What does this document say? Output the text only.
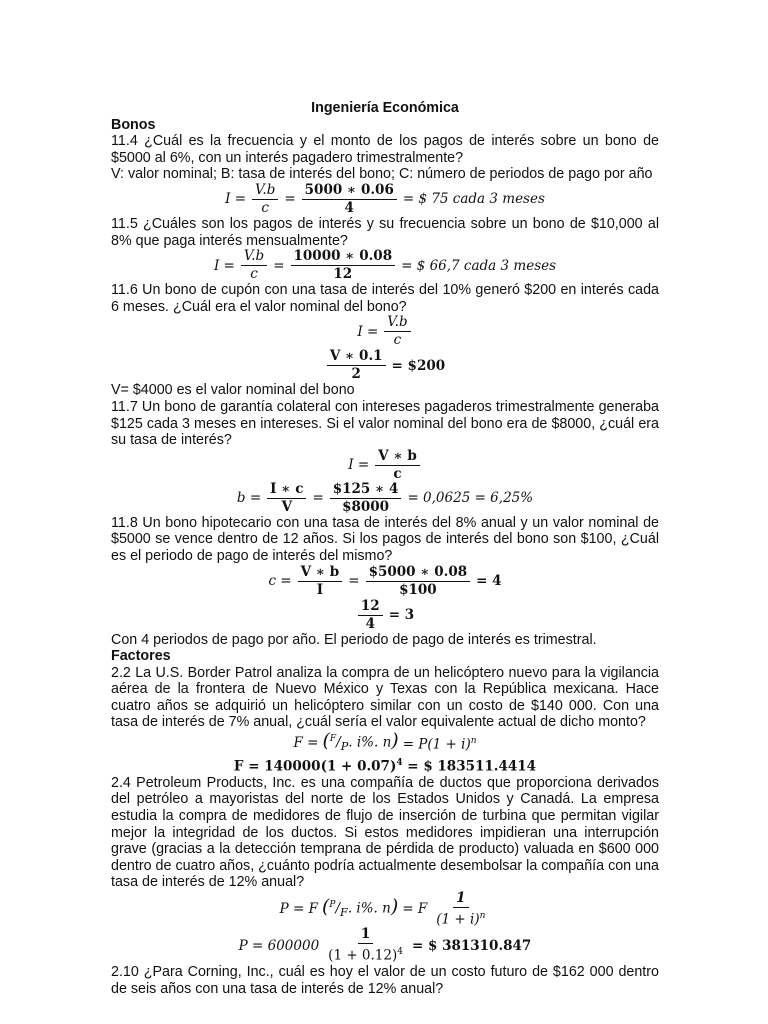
Ingeniería Económica

Bonos

11.4 ¿Cuál es la frecuencia y el monto de los pagos de interés sobre un bono de $5000 al 6%, con un interés pagadero trimestralmente?

V: valor nominal; B: tasa de interés del bono; C: número de periodos de pago por año

$I = \frac{V.b}{c} = \frac{5000 ∗ 0.06}{4}$ = $ 75 cada 3 meses

11.5 ¿Cuáles son los pagos de interés y su frecuencia sobre un bono de $10,000 al 8% que paga interés mensualmente?

$I = \frac{V.b}{c} = \frac{10000 ∗ 0.08}{12}$ = $ 66,7 cada 3 meses

11.6 Un bono de cupón con una tasa de interés del 10% generó $200 en interés cada 6 meses. ¿Cuál era el valor nominal del bono?

$I = \frac{V.b}{c}$
$\frac{V ∗ 0.1}{2}$ = $200

V= $4000 es el valor nominal del bono

11.7 Un bono de garantía colateral con intereses pagaderos trimestralmente generaba $125 cada 3 meses en intereses. Si el valor nominal del bono era de $8000, ¿cuál era su tasa de interés?

$I = \frac{V ∗ b}{c}$
$b = \frac{I ∗ c}{V} = \frac{\$125 ∗ 4}{\$8000} = 0,0625 = 6,25\%$

11.8 Un bono hipotecario con una tasa de interés del 8% anual y un valor nominal de $5000 se vence dentro de 12 años. Si los pagos de interés del bono son $100, ¿Cuál es el periodo de pago de interés del mismo?

$c = \frac{V ∗ b}{I} = \frac{\$5000 ∗ 0.08}{\$100} = 4$
$\frac{12}{4} = 3$

Con 4 periodos de pago por año. El periodo de pago de interés es trimestral.

Factores

2.2 La U.S. Border Patrol analiza la compra de un helicóptero nuevo para la vigilancia aérea de la frontera de Nuevo México y Texas con la República mexicana. Hace cuatro años se adquirió un helicóptero similar con un costo de $140 000. Con una tasa de interés de 7% anual, ¿cuál sería el valor equivalente actual de dicho monto?

$F = (^F/_P$. i%. $n) = P(1 + i)^n$
$F = 140000(1 + 0.07)^4$ = $ 183511.4414

2.4 Petroleum Products, Inc. es una compañía de ductos que proporciona derivados del petróleo a mayoristas del norte de los Estados Unidos y Canadá. La empresa estudia la compra de medidores de flujo de inserción de turbina que permitan vigilar mejor la integridad de los ductos. Si estos medidores impidieran una interrupción grave (gracias a la detección temprana de pérdida de producto) valuada en $600 000 dentro de cuatro años, ¿cuánto podría actualmente desembolsar la compañía con una tasa de interés de 12% anual?

P = F ($^P/_F$. i%. n) = F $\frac{1}{(1 + i)^n}$
$P = 600000 \frac{1}{(1 + 0.12)^4}$ = $ 381310.847

2.10 ¿Para Corning, Inc., cuál es hoy el valor de un costo futuro de $162 000 dentro de seis años con una tasa de interés de 12% anual?
